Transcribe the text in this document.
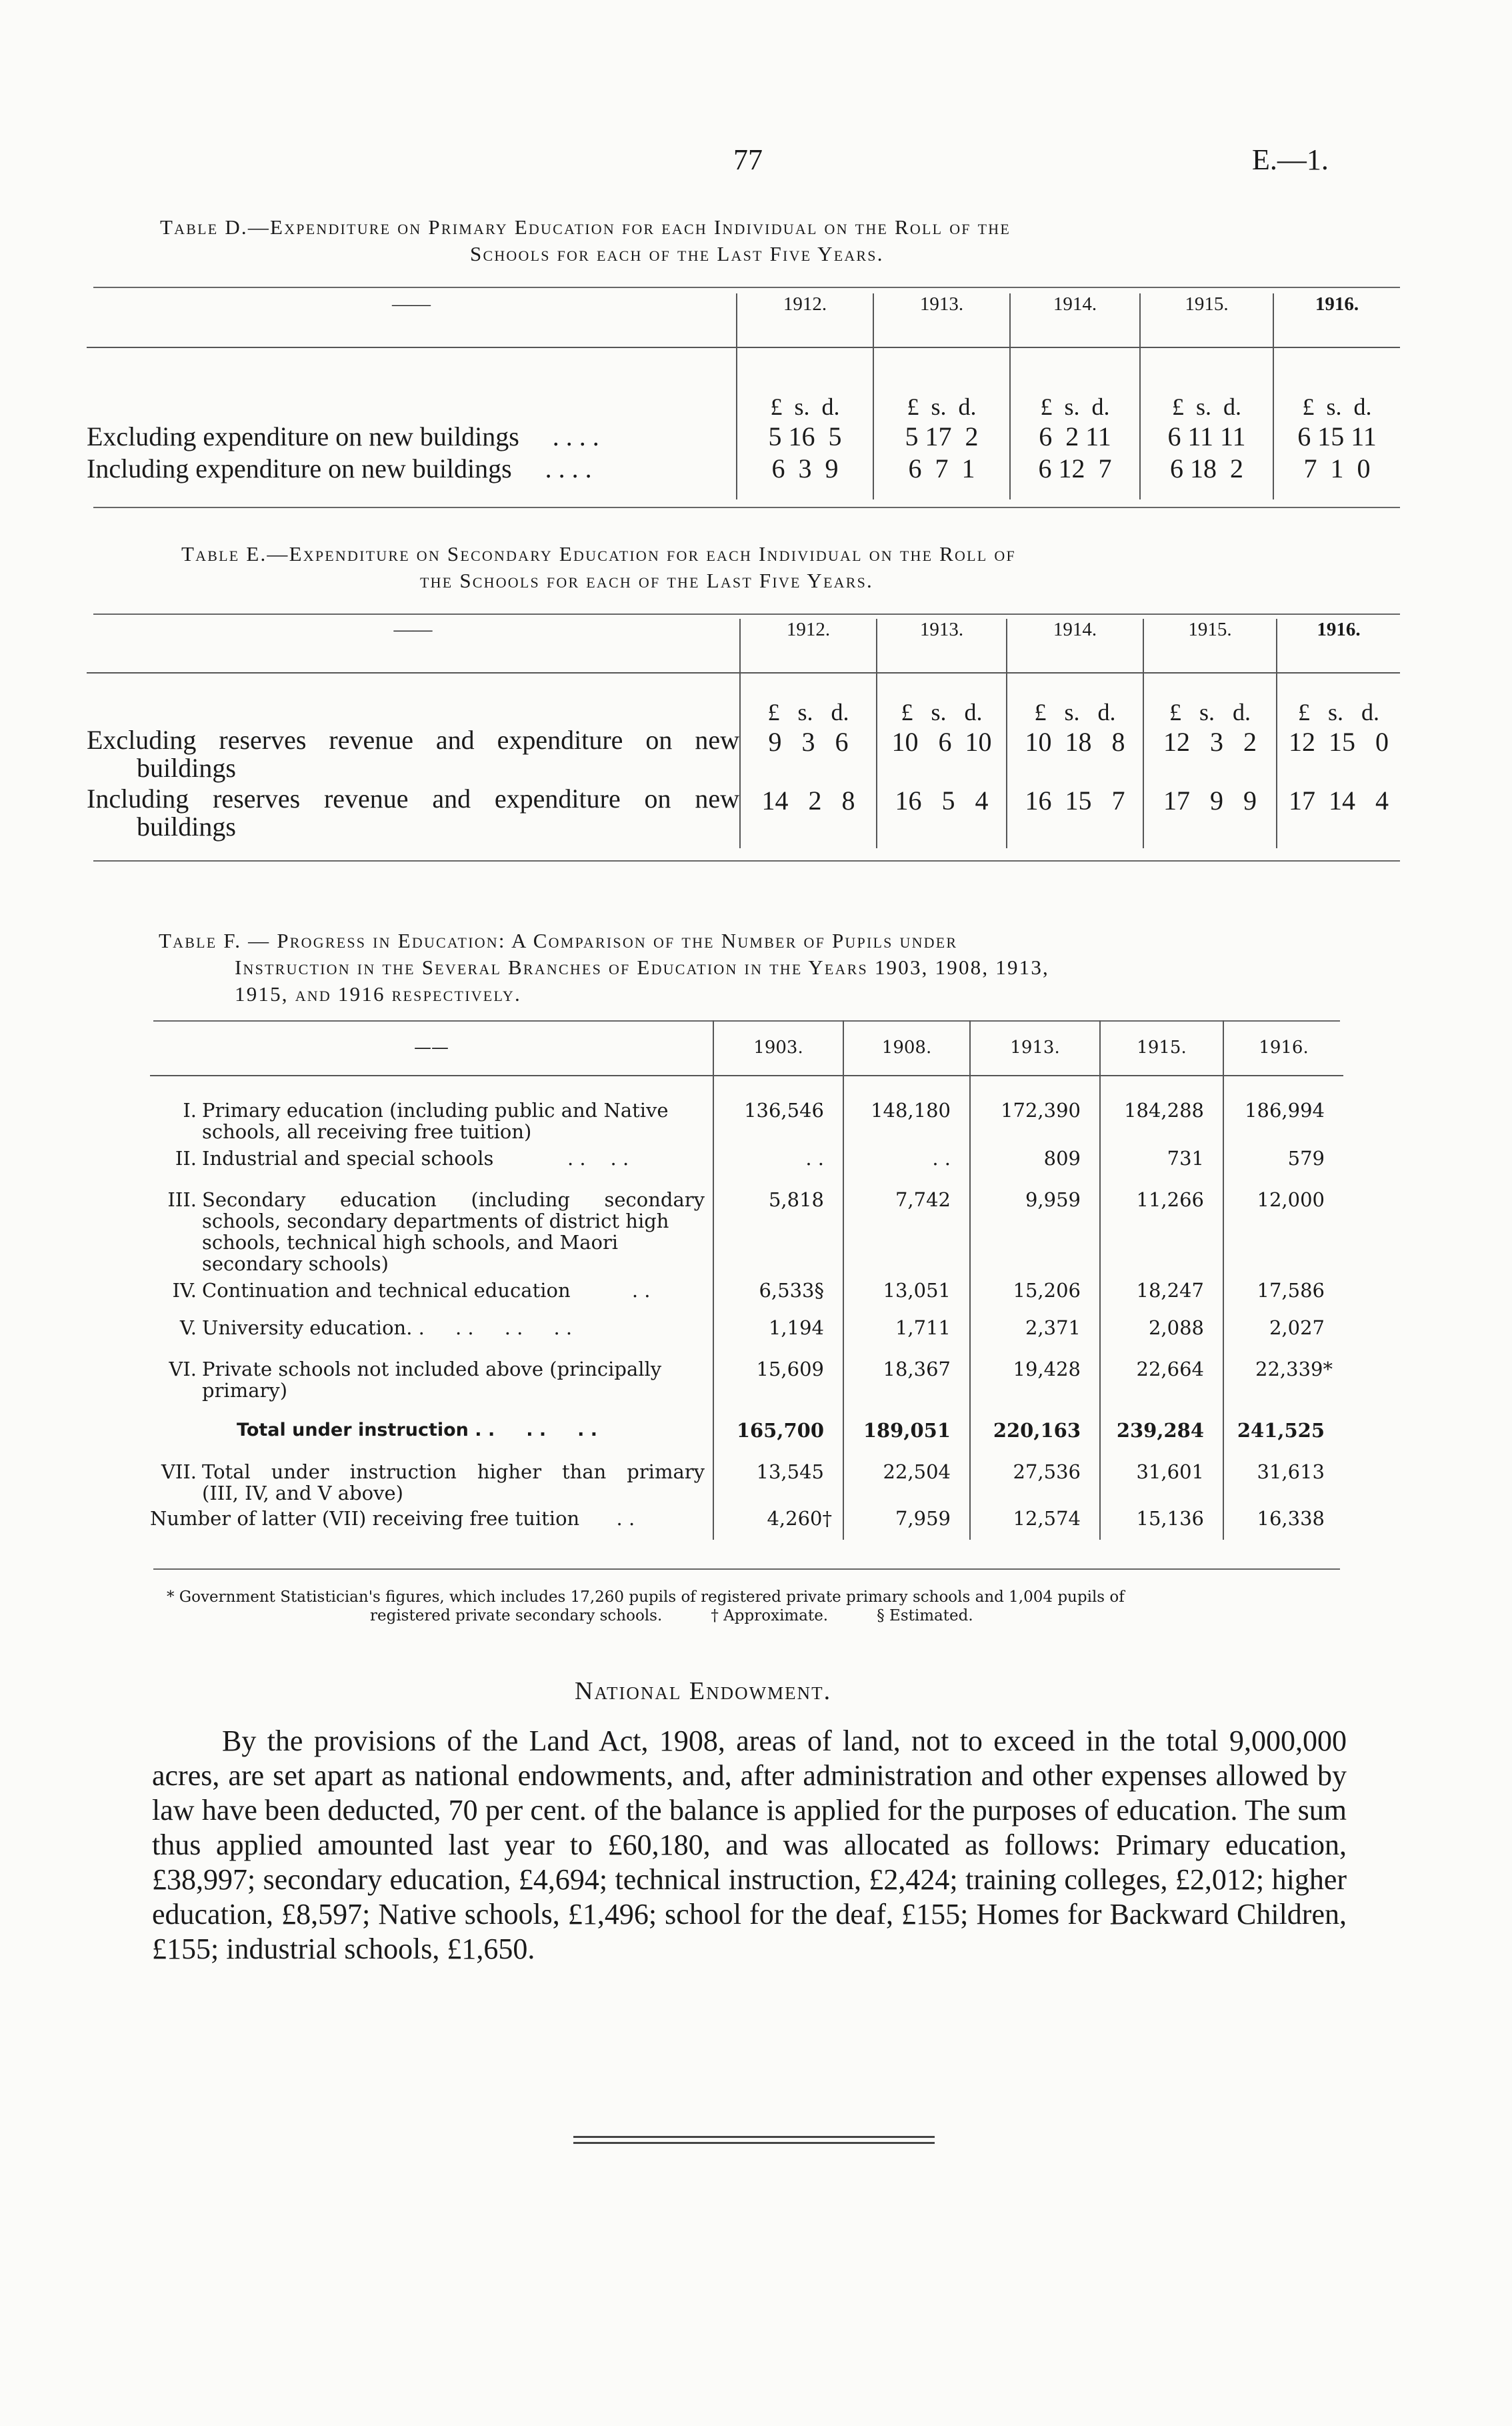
77	E.—1.
Table D.—Expenditure on Primary Education for each Individual on the Roll of the
Schools for each of the Last Five Years.
——	1912.	1913.	1914.	1915.	1916.
	£  s.  d.	£  s.  d.	£  s.  d.	£  s.  d.	£  s.  d.
Excluding expenditure on new buildings . . . .	5 16  5	5 17  2	6  2 11	6 11 11	6 15 11
Including expenditure on new buildings . . . .	6  3  9	6  7  1	6 12  7	6 18  2	7  1  0
Table E.—Expenditure on Secondary Education for each Individual on the Roll of
the Schools for each of the Last Five Years.
——	1912.	1913.	1914.	1915.	1916.
	£   s.   d.	£   s.   d.	£   s.   d.	£   s.   d.	£   s.   d.

Excluding reserves revenue and expenditure on new
buildings	9   3   6	10   6  10	10  18   8	12   3   2	12  15   0

Including reserves revenue and expenditure on new
buildings	14   2   8	16   5   4	16  15   7	17   9   9	17  14   4
Table F. — Progress in Education: A Comparison of the Number of Pupils under
Instruction in the Several Branches of Education in the Years 1903, 1908, 1913,
1915, and 1916 respectively.
——	1903.	1908.	1913.	1915.	1916.

I. Primary education (including public and Native
schools, all receiving free tuition)	136,546	148,180	172,390	184,288	186,994

II. Industrial and special schools            . .    . .	. .	. .	809	731	579

III. Secondary education (including secondary
schools, secondary departments of district high
schools, technical high schools, and Maori
secondary schools)	5,818	7,742	9,959	11,266	12,000

IV. Continuation and technical education          . .	6,533§	13,051	15,206	18,247	17,586

V. University education. .     . .     . .     . .	1,194	1,711	2,371	2,088	2,027

VI. Private schools not included above (principally
primary)	15,609	18,367	19,428	22,664	22,339*
Total under instruction . .     . .     . .	165,700	189,051	220,163	239,284	241,525

VII. Total under instruction higher than primary
(III, IV, and V above)	13,545	22,504	27,536	31,601	31,613
Number of latter (VII) receiving free tuition      . .	4,260†	7,959	12,574	15,136	16,338
* Government Statistician's figures, which includes 17,260 pupils of registered private primary schools and 1,004 pupils of
registered private secondary schools.          † Approximate.          § Estimated.
National Endowment.
By the provisions of the Land Act, 1908, areas of land, not to exceed in the total 9,000,000 acres, are set apart as national endowments, and, after administration and other expenses allowed by law have been deducted, 70 per cent. of the balance is applied for the purposes of education. The sum thus applied amounted last year to £60,180, and was allocated as follows: Primary education, £38,997; secondary education, £4,694; technical instruction, £2,424; training colleges, £2,012; higher education, £8,597; Native schools, £1,496; school for the deaf, £155; Homes for Backward Children, £155; industrial schools, £1,650.
